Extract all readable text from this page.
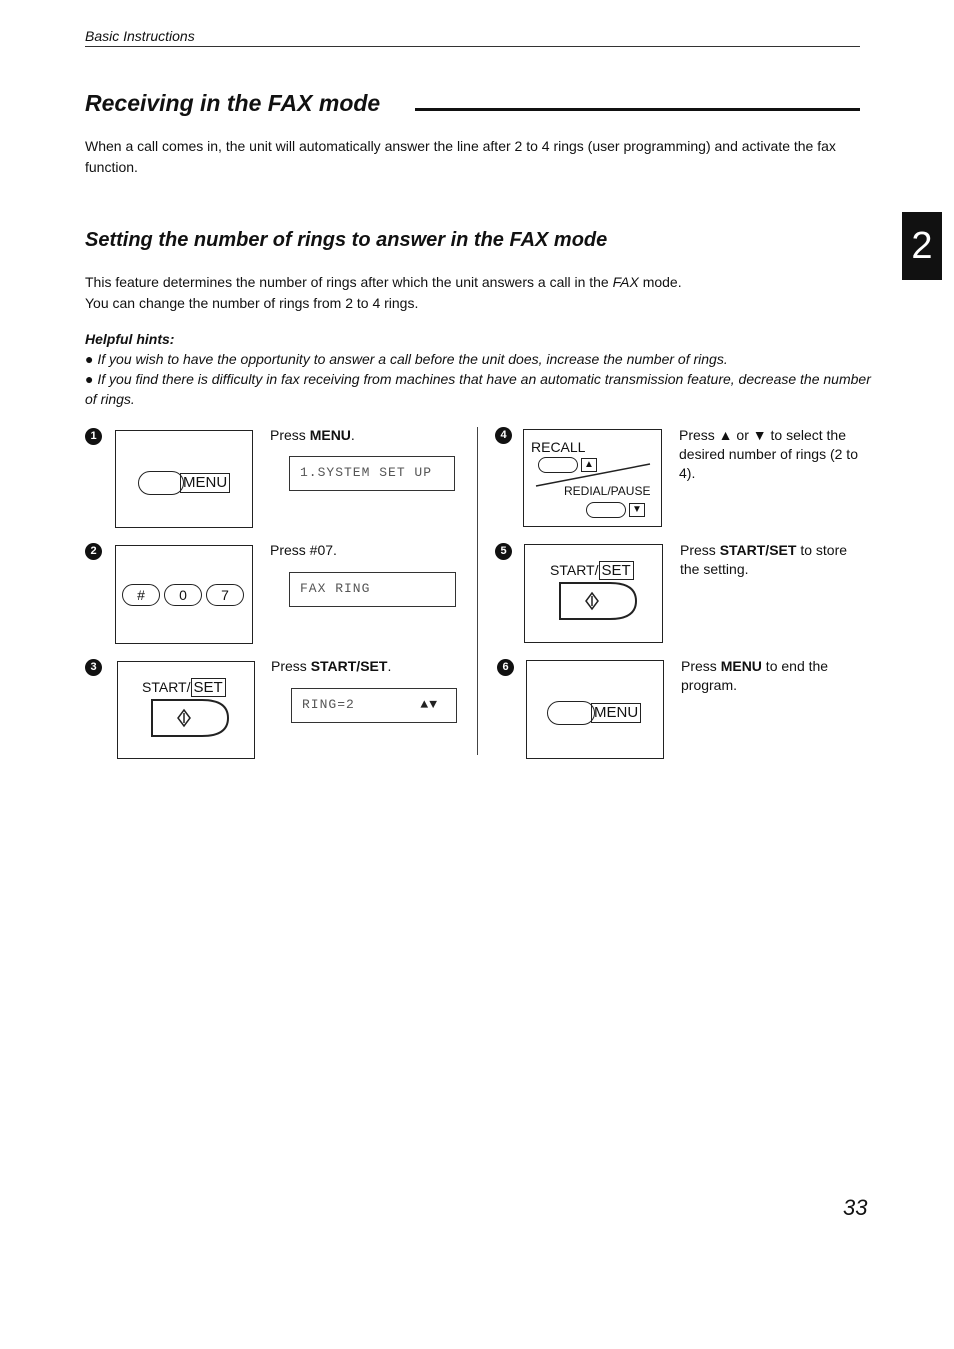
Basic Instructions
Receiving in the FAX mode

When a call comes in, the unit will automatically answer the line after 2 to 4 rings (user programming) and activate the fax function.

Setting the number of rings to answer in the FAX mode	2

This feature determines the number of rings after which the unit answers a call in the FAX mode.
You can change the number of rings from 2 to 4 rings.

Helpful hints:
● If you wish to have the opportunity to answer a call before the unit does, increase the number of rings.
● If you find there is difficulty in fax receiving from machines that have an automatic transmission feature, decrease the number of rings.
1
MENU
Press MENU.
1.SYSTEM SET UP
2
#	0	7
Press #07.
FAX RING
3
START/ SET
Press START/SET.
RING=2	▲▼
4
RECALL
▲
REDIAL/PAUSE
▼
Press ▲ or ▼ to select the desired number of rings (2 to 4).
5
START/ SET
Press START/SET to store the setting.
6
MENU
Press MENU to end the program.
33
